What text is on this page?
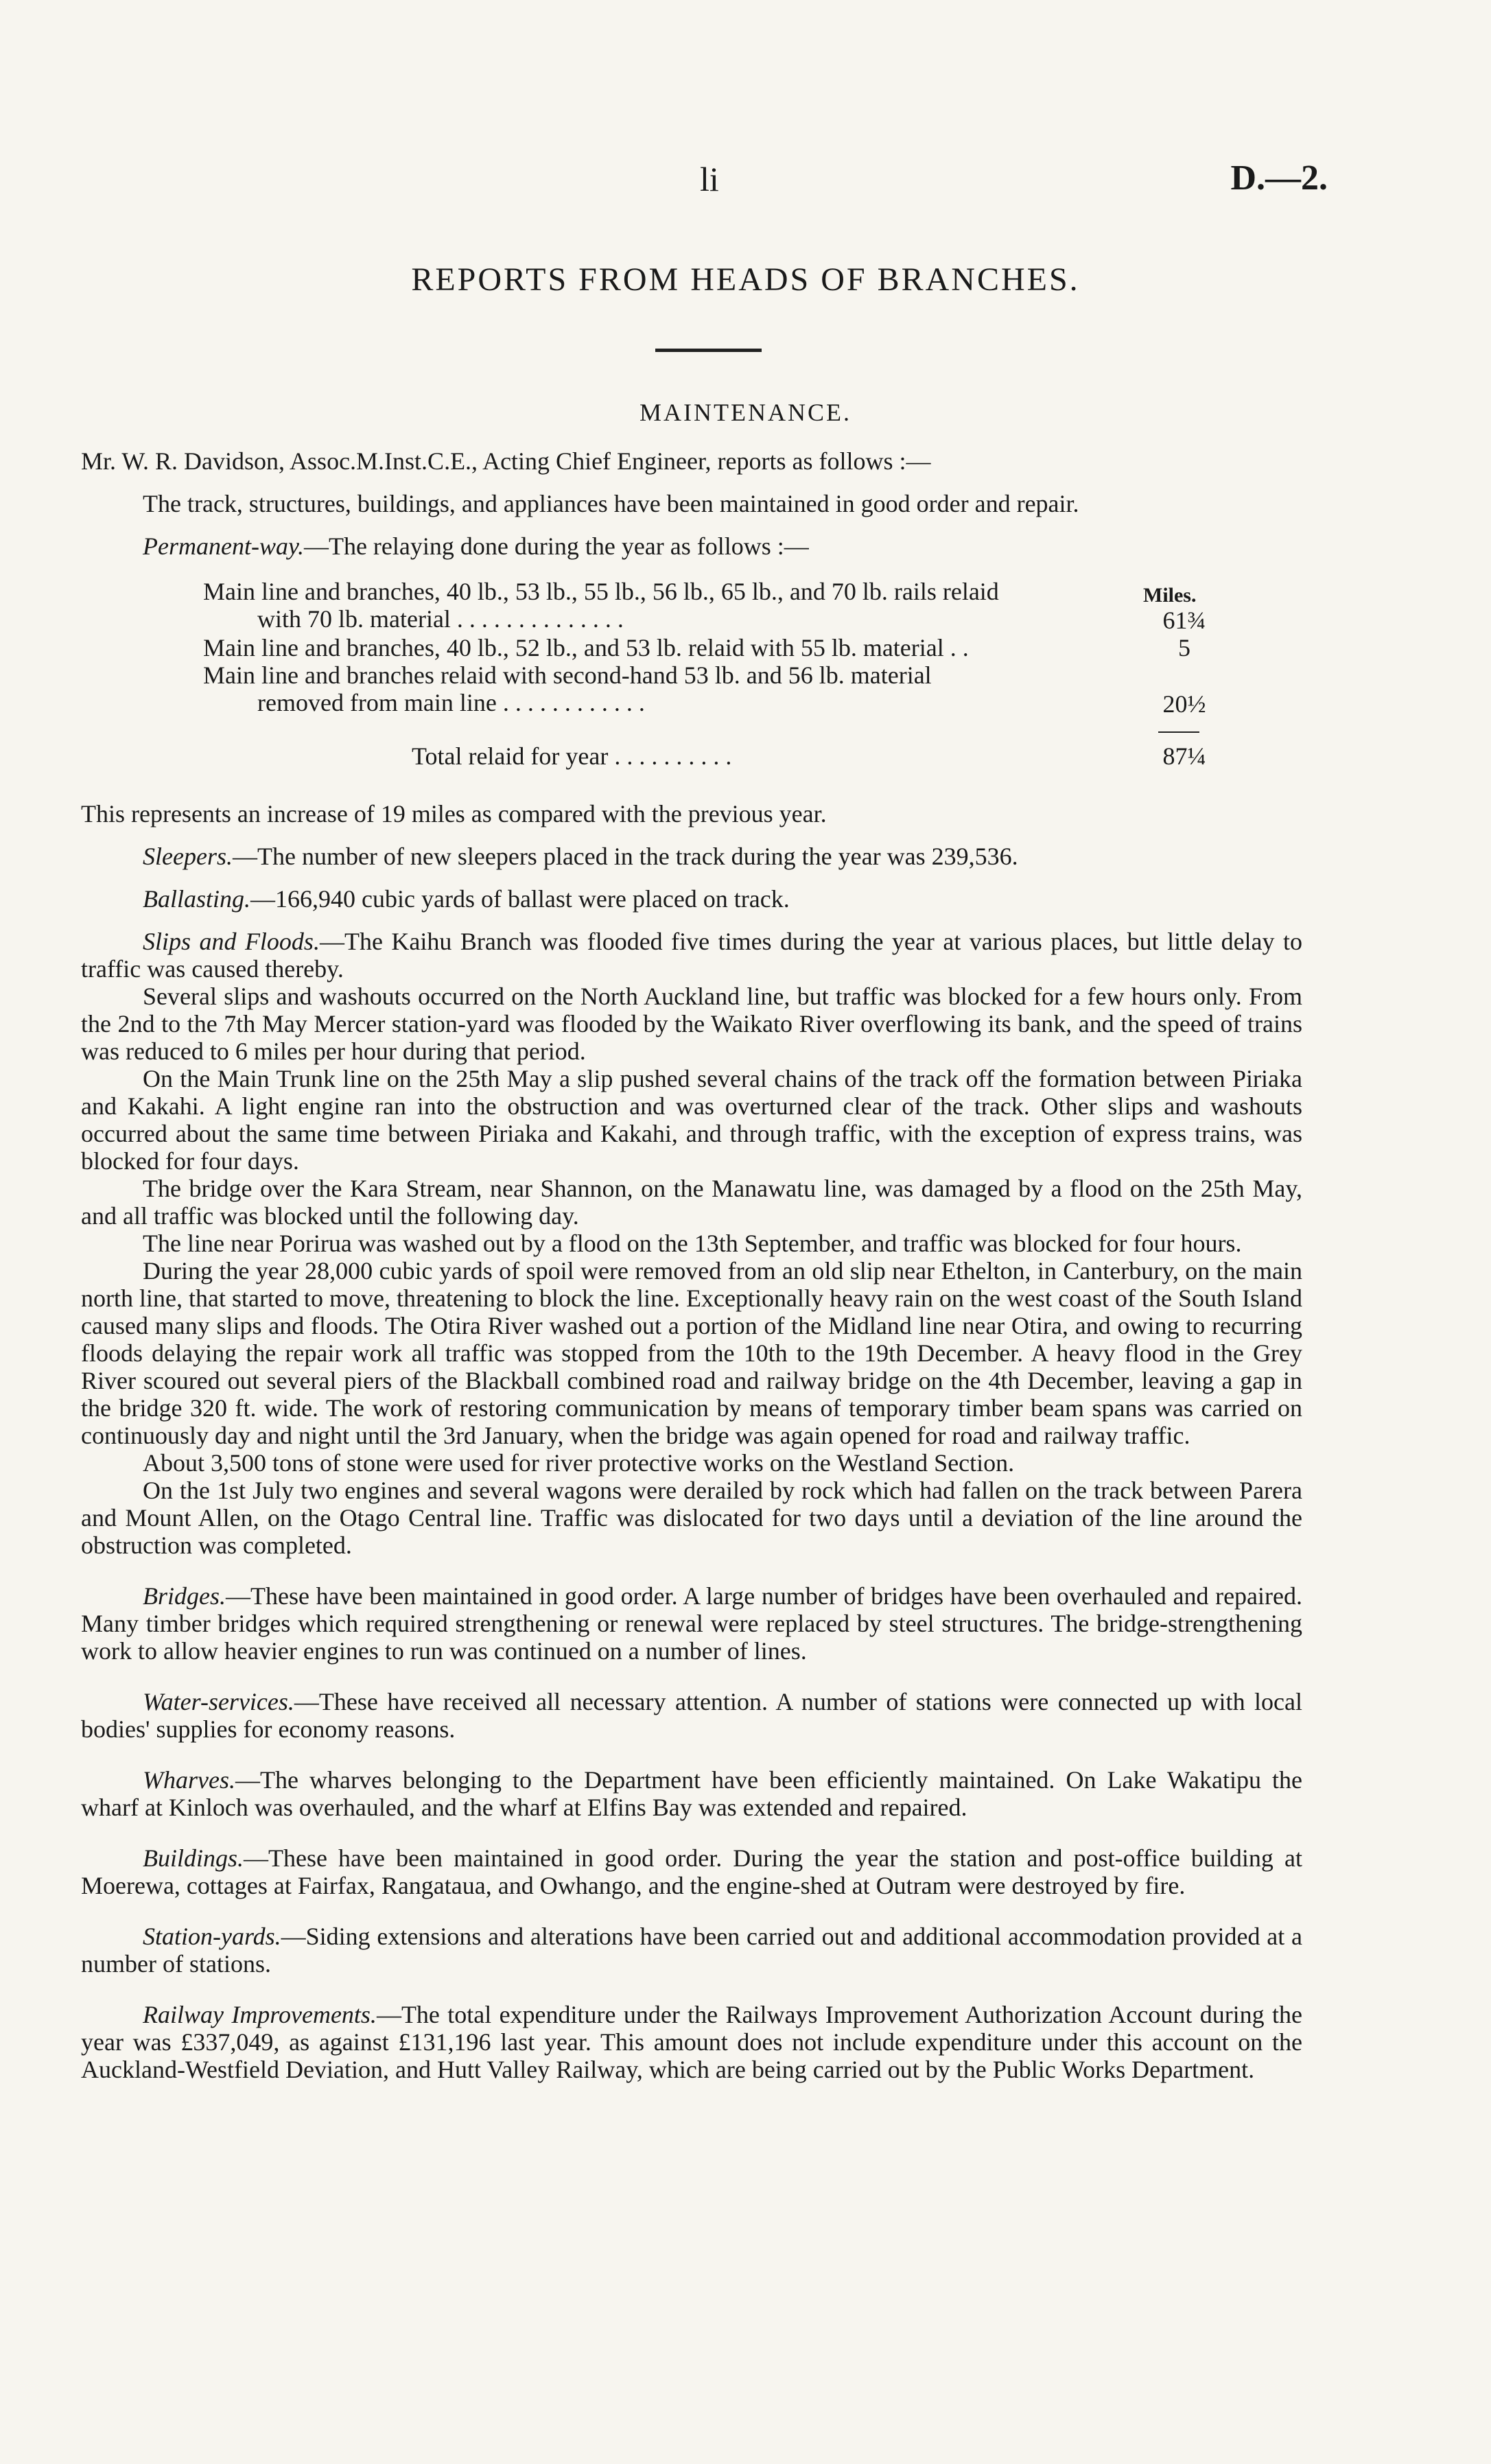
li	D.—2.
REPORTS FROM HEADS OF BRANCHES.
MAINTENANCE.

Mr. W. R. Davidson, Assoc.M.Inst.C.E., Acting Chief Engineer, reports as follows :—

The track, structures, buildings, and appliances have been maintained in good order and repair.

Permanent-way.—The relaying done during the year as follows :—

Miles.
Main line and branches, 40 lb., 53 lb., 55 lb., 56 lb., 65 lb., and 70 lb. rails relaid
with 70 lb. material . . . . . . . . . . . . . .	61¾
Main line and branches, 40 lb., 52 lb., and 53 lb. relaid with 55 lb. material . .	5
Main line and branches relaid with second-hand 53 lb. and 56 lb. material
removed from main line . . . . . . . . . . . .	20½
Total relaid for year . . . . . . . . . .	87¼

This represents an increase of 19 miles as compared with the previous year.

Sleepers.—The number of new sleepers placed in the track during the year was 239,536.

Ballasting.—166,940 cubic yards of ballast were placed on track.

Slips and Floods.—The Kaihu Branch was flooded five times during the year at various places, but little delay to traffic was caused thereby.

Several slips and washouts occurred on the North Auckland line, but traffic was blocked for a few hours only. From the 2nd to the 7th May Mercer station-yard was flooded by the Waikato River overflowing its bank, and the speed of trains was reduced to 6 miles per hour during that period.

On the Main Trunk line on the 25th May a slip pushed several chains of the track off the formation between Piriaka and Kakahi. A light engine ran into the obstruction and was overturned clear of the track. Other slips and washouts occurred about the same time between Piriaka and Kakahi, and through traffic, with the exception of express trains, was blocked for four days.

The bridge over the Kara Stream, near Shannon, on the Manawatu line, was damaged by a flood on the 25th May, and all traffic was blocked until the following day.

The line near Porirua was washed out by a flood on the 13th September, and traffic was blocked for four hours.

During the year 28,000 cubic yards of spoil were removed from an old slip near Ethelton, in Canterbury, on the main north line, that started to move, threatening to block the line. Exceptionally heavy rain on the west coast of the South Island caused many slips and floods. The Otira River washed out a portion of the Midland line near Otira, and owing to recurring floods delaying the repair work all traffic was stopped from the 10th to the 19th December. A heavy flood in the Grey River scoured out several piers of the Blackball combined road and railway bridge on the 4th December, leaving a gap in the bridge 320 ft. wide. The work of restoring communication by means of temporary timber beam spans was carried on continuously day and night until the 3rd January, when the bridge was again opened for road and railway traffic.

About 3,500 tons of stone were used for river protective works on the Westland Section.

On the 1st July two engines and several wagons were derailed by rock which had fallen on the track between Parera and Mount Allen, on the Otago Central line. Traffic was dislocated for two days until a deviation of the line around the obstruction was completed.

Bridges.—These have been maintained in good order. A large number of bridges have been overhauled and repaired. Many timber bridges which required strengthening or renewal were replaced by steel structures. The bridge-strengthening work to allow heavier engines to run was continued on a number of lines.

Water-services.—These have received all necessary attention. A number of stations were connected up with local bodies' supplies for economy reasons.

Wharves.—The wharves belonging to the Department have been efficiently maintained. On Lake Wakatipu the wharf at Kinloch was overhauled, and the wharf at Elfins Bay was extended and repaired.

Buildings.—These have been maintained in good order. During the year the station and post-office building at Moerewa, cottages at Fairfax, Rangataua, and Owhango, and the engine-shed at Outram were destroyed by fire.

Station-yards.—Siding extensions and alterations have been carried out and additional accommodation provided at a number of stations.

Railway Improvements.—The total expenditure under the Railways Improvement Authorization Account during the year was £337,049, as against £131,196 last year. This amount does not include expenditure under this account on the Auckland-Westfield Deviation, and Hutt Valley Railway, which are being carried out by the Public Works Department.
